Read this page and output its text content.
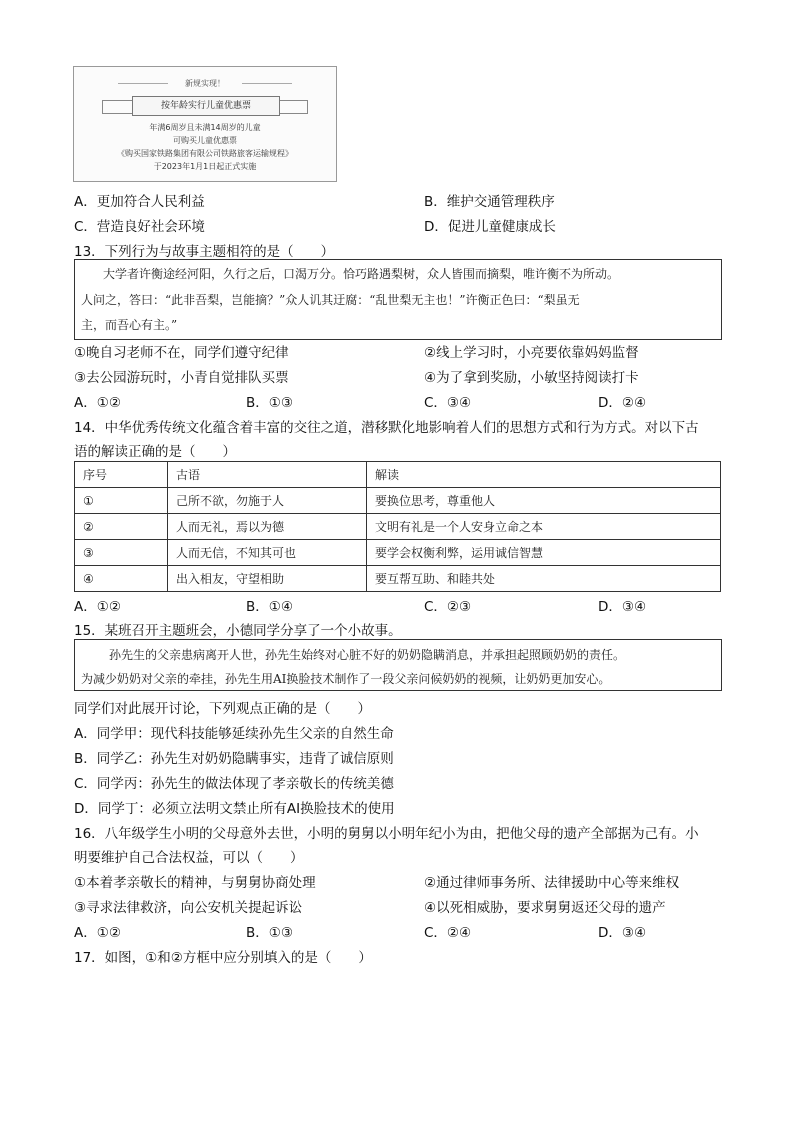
新规实现！
按年龄实行儿童优惠票
年满6周岁且未满14周岁的儿童
可购买儿童优惠票
《购买国家铁路集团有限公司铁路旅客运输规程》
于2023年1月1日起正式实施
A．更加符合人民利益	B．维护交通管理秩序
C．营造良好社会环境	D．促进儿童健康成长
13．下列行为与故事主题相符的是（　　）
大学者许衡途经河阳，久行之后，口渴万分。恰巧路遇梨树，众人皆围而摘梨，唯许衡不为所动。
人问之，答曰：“此非吾梨，岂能摘？”众人讥其迂腐：“乱世梨无主也！”许衡正色曰：“梨虽无
主，而吾心有主。”
①晚自习老师不在，同学们遵守纪律	②线上学习时，小亮要依靠妈妈监督
③去公园游玩时，小青自觉排队买票	④为了拿到奖励，小敏坚持阅读打卡
A．①②	B．①③	C．③④	D．②④
14．中华优秀传统文化蕴含着丰富的交往之道，潜移默化地影响着人们的思想方式和行为方式。对以下古
语的解读正确的是（　　）
序号	古语	解读
①	己所不欲，勿施于人	要换位思考，尊重他人
②	人而无礼，焉以为德	文明有礼是一个人安身立命之本
③	人而无信，不知其可也	要学会权衡利弊，运用诚信智慧
④	出入相友，守望相助	要互帮互助、和睦共处
A．①②	B．①④	C．②③	D．③④
15．某班召开主题班会，小德同学分享了一个小故事。
孙先生的父亲患病离开人世，孙先生始终对心脏不好的奶奶隐瞒消息，并承担起照顾奶奶的责任。
为减少奶奶对父亲的牵挂，孙先生用AI换脸技术制作了一段父亲问候奶奶的视频，让奶奶更加安心。
同学们对此展开讨论，下列观点正确的是（　　）
A．同学甲：现代科技能够延续孙先生父亲的自然生命
B．同学乙：孙先生对奶奶隐瞒事实，违背了诚信原则
C．同学丙：孙先生的做法体现了孝亲敬长的传统美德
D．同学丁：必须立法明文禁止所有AI换脸技术的使用
16．八年级学生小明的父母意外去世，小明的舅舅以小明年纪小为由，把他父母的遗产全部据为己有。小
明要维护自己合法权益，可以（　　）
①本着孝亲敬长的精神，与舅舅协商处理	②通过律师事务所、法律援助中心等来维权
③寻求法律救济，向公安机关提起诉讼	④以死相威胁，要求舅舅返还父母的遗产
A．①②	B．①③	C．②④	D．③④
17．如图，①和②方框中应分别填入的是（　　）
